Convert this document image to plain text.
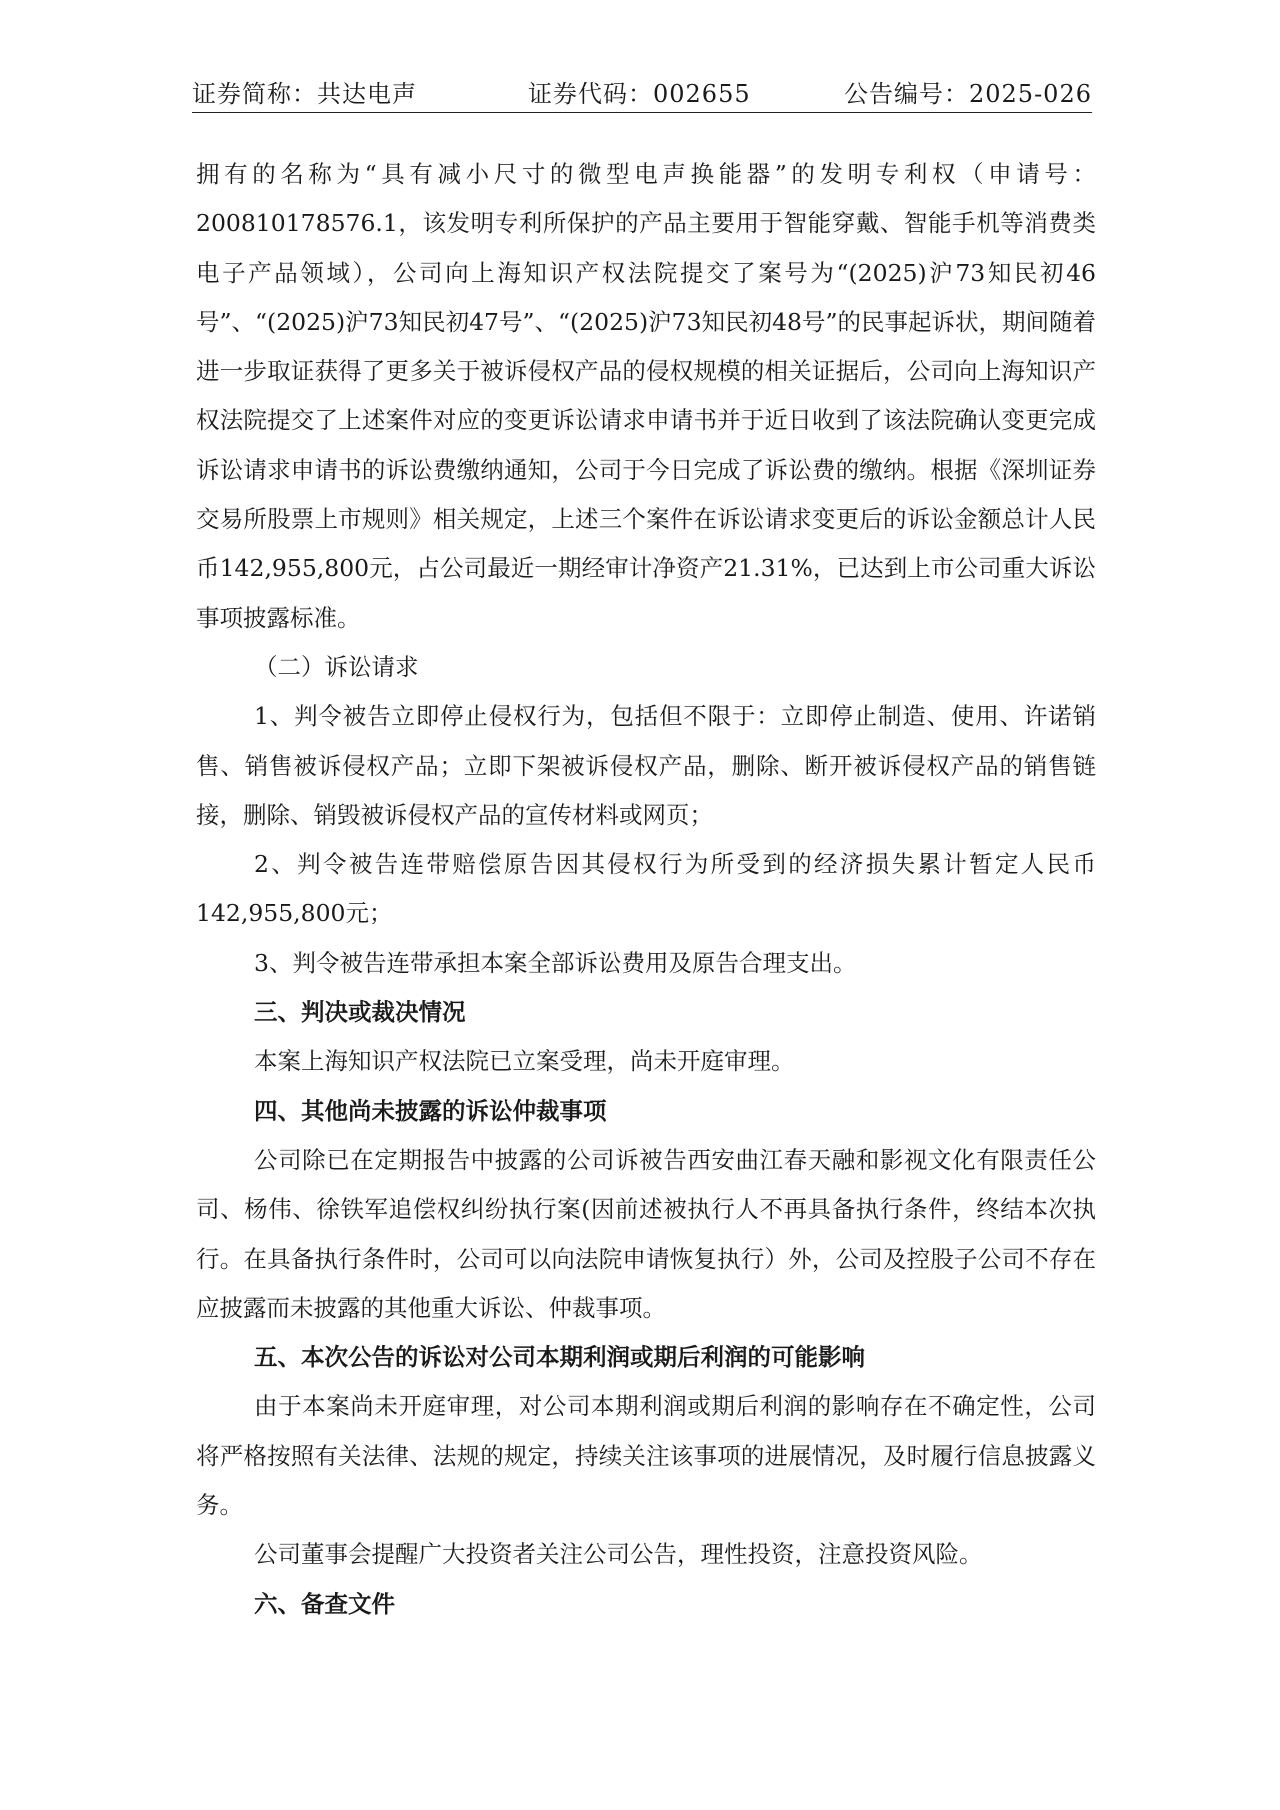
证券简称：共达电声	证券代码：002655	公告编号：2025-026

拥有的名称为“具有减小尺寸的微型电声换能器”的发明专利权（申请号：200810178576.1，该发明专利所保护的产品主要用于智能穿戴、智能手机等消费类电子产品领域），公司向上海知识产权法院提交了案号为“(2025)沪73知民初46号”、“(2025)沪73知民初47号”、“(2025)沪73知民初48号”的民事起诉状，期间随着进一步取证获得了更多关于被诉侵权产品的侵权规模的相关证据后，公司向上海知识产权法院提交了上述案件对应的变更诉讼请求申请书并于近日收到了该法院确认变更完成诉讼请求申请书的诉讼费缴纳通知，公司于今日完成了诉讼费的缴纳。根据《深圳证券交易所股票上市规则》相关规定，上述三个案件在诉讼请求变更后的诉讼金额总计人民币142,955,800元，占公司最近一期经审计净资产21.31%，已达到上市公司重大诉讼事项披露标准。

（二）诉讼请求

1、判令被告立即停止侵权行为，包括但不限于：立即停止制造、使用、许诺销售、销售被诉侵权产品；立即下架被诉侵权产品，删除、断开被诉侵权产品的销售链接，删除、销毁被诉侵权产品的宣传材料或网页；

2、判令被告连带赔偿原告因其侵权行为所受到的经济损失累计暂定人民币142,955,800元；

3、判令被告连带承担本案全部诉讼费用及原告合理支出。

三、判决或裁决情况

本案上海知识产权法院已立案受理，尚未开庭审理。

四、其他尚未披露的诉讼仲裁事项

公司除已在定期报告中披露的公司诉被告西安曲江春天融和影视文化有限责任公司、杨伟、徐铁军追偿权纠纷执行案(因前述被执行人不再具备执行条件，终结本次执行。在具备执行条件时，公司可以向法院申请恢复执行）外，公司及控股子公司不存在应披露而未披露的其他重大诉讼、仲裁事项。

五、本次公告的诉讼对公司本期利润或期后利润的可能影响

由于本案尚未开庭审理，对公司本期利润或期后利润的影响存在不确定性，公司将严格按照有关法律、法规的规定，持续关注该事项的进展情况，及时履行信息披露义务。

公司董事会提醒广大投资者关注公司公告，理性投资，注意投资风险。

六、备查文件
